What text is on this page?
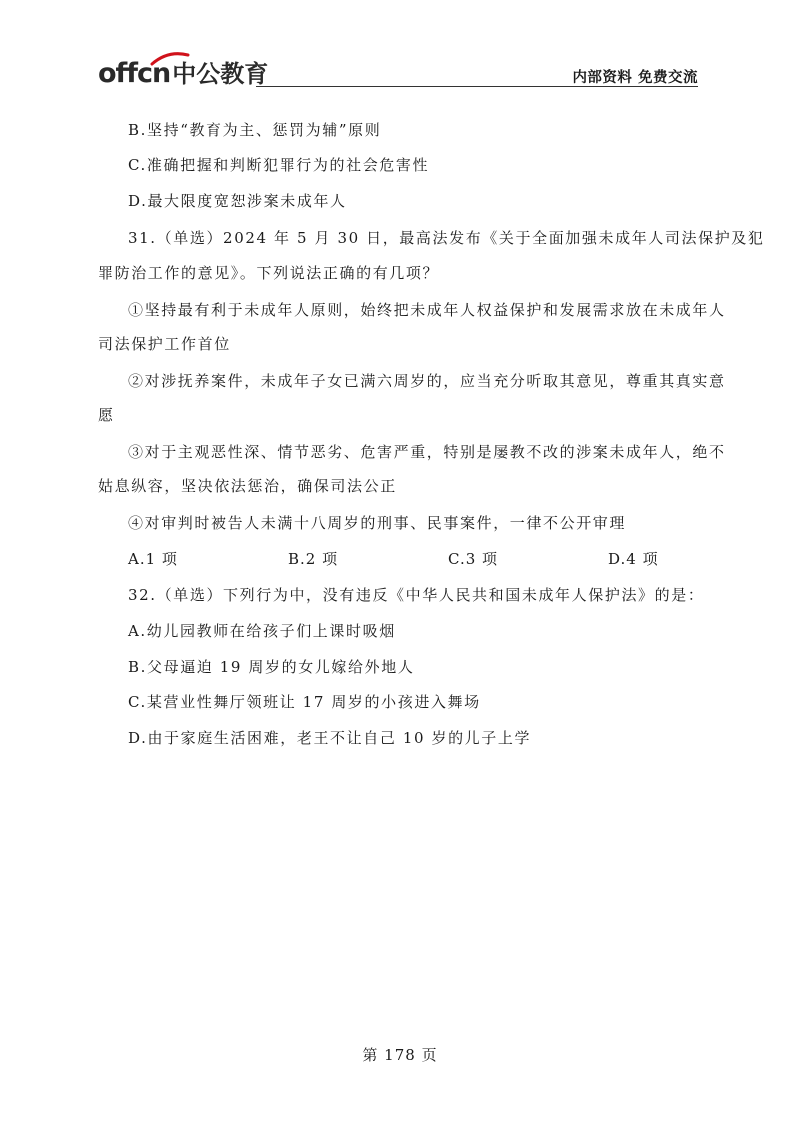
offcn 中公教育	内部资料 免费交流
B.坚持“教育为主、惩罚为辅”原则
C.准确把握和判断犯罪行为的社会危害性
D.最大限度宽恕涉案未成年人
31.（单选）2024 年 5 月 30 日，最高法发布《关于全面加强未成年人司法保护及犯
罪防治工作的意见》。下列说法正确的有几项？
①坚持最有利于未成年人原则，始终把未成年人权益保护和发展需求放在未成年人
司法保护工作首位
②对涉抚养案件，未成年子女已满六周岁的，应当充分听取其意见，尊重其真实意
愿
③对于主观恶性深、情节恶劣、危害严重，特别是屡教不改的涉案未成年人，绝不
姑息纵容，坚决依法惩治，确保司法公正
④对审判时被告人未满十八周岁的刑事、民事案件，一律不公开审理
A.1 项	B.2 项	C.3 项	D.4 项
32.（单选）下列行为中，没有违反《中华人民共和国未成年人保护法》的是：
A.幼儿园教师在给孩子们上课时吸烟
B.父母逼迫 19 周岁的女儿嫁给外地人
C.某营业性舞厅领班让 17 周岁的小孩进入舞场
D.由于家庭生活困难，老王不让自己 10 岁的儿子上学
第 178 页
